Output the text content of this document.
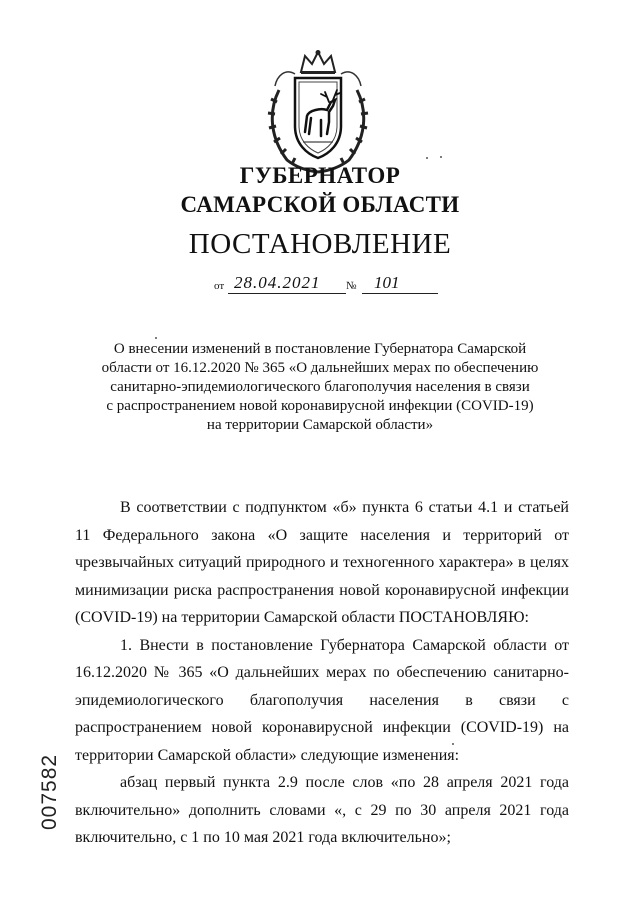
ГУБЕРНАТОР
САМАРСКОЙ ОБЛАСТИ
ПОСТАНОВЛЕНИЕ
от 28.04.2021	№	101
О внесении изменений в постановление Губернатора Самарской
области от 16.12.2020 № 365 «О дальнейших мерах по обеспечению
санитарно-эпидемиологического благополучия населения в связи
с распространением новой коронавирусной инфекции (COVID-19)
на территории Самарской области»

В соответствии с подпунктом «б» пункта 6 статьи 4.1 и статьей 11 Федерального закона «О защите населения и территорий от чрезвычайных ситуаций природного и техногенного характера» в целях минимизации риска распространения новой коронавирусной инфекции (COVID-19) на территории Самарской области ПОСТАНОВЛЯЮ:

1. Внести в постановление Губернатора Самарской области от 16.12.2020 № 365 «О дальнейших мерах по обеспечению санитарно-эпидемиологического благополучия населения в связи с распространением новой коронавирусной инфекции (COVID-19) на территории Самарской области» следующие изменения:

абзац первый пункта 2.9 после слов «по 28 апреля 2021 года включительно» дополнить словами «, с 29 по 30 апреля 2021 года включительно, с 1 по 10 мая 2021 года включительно»;

007582
